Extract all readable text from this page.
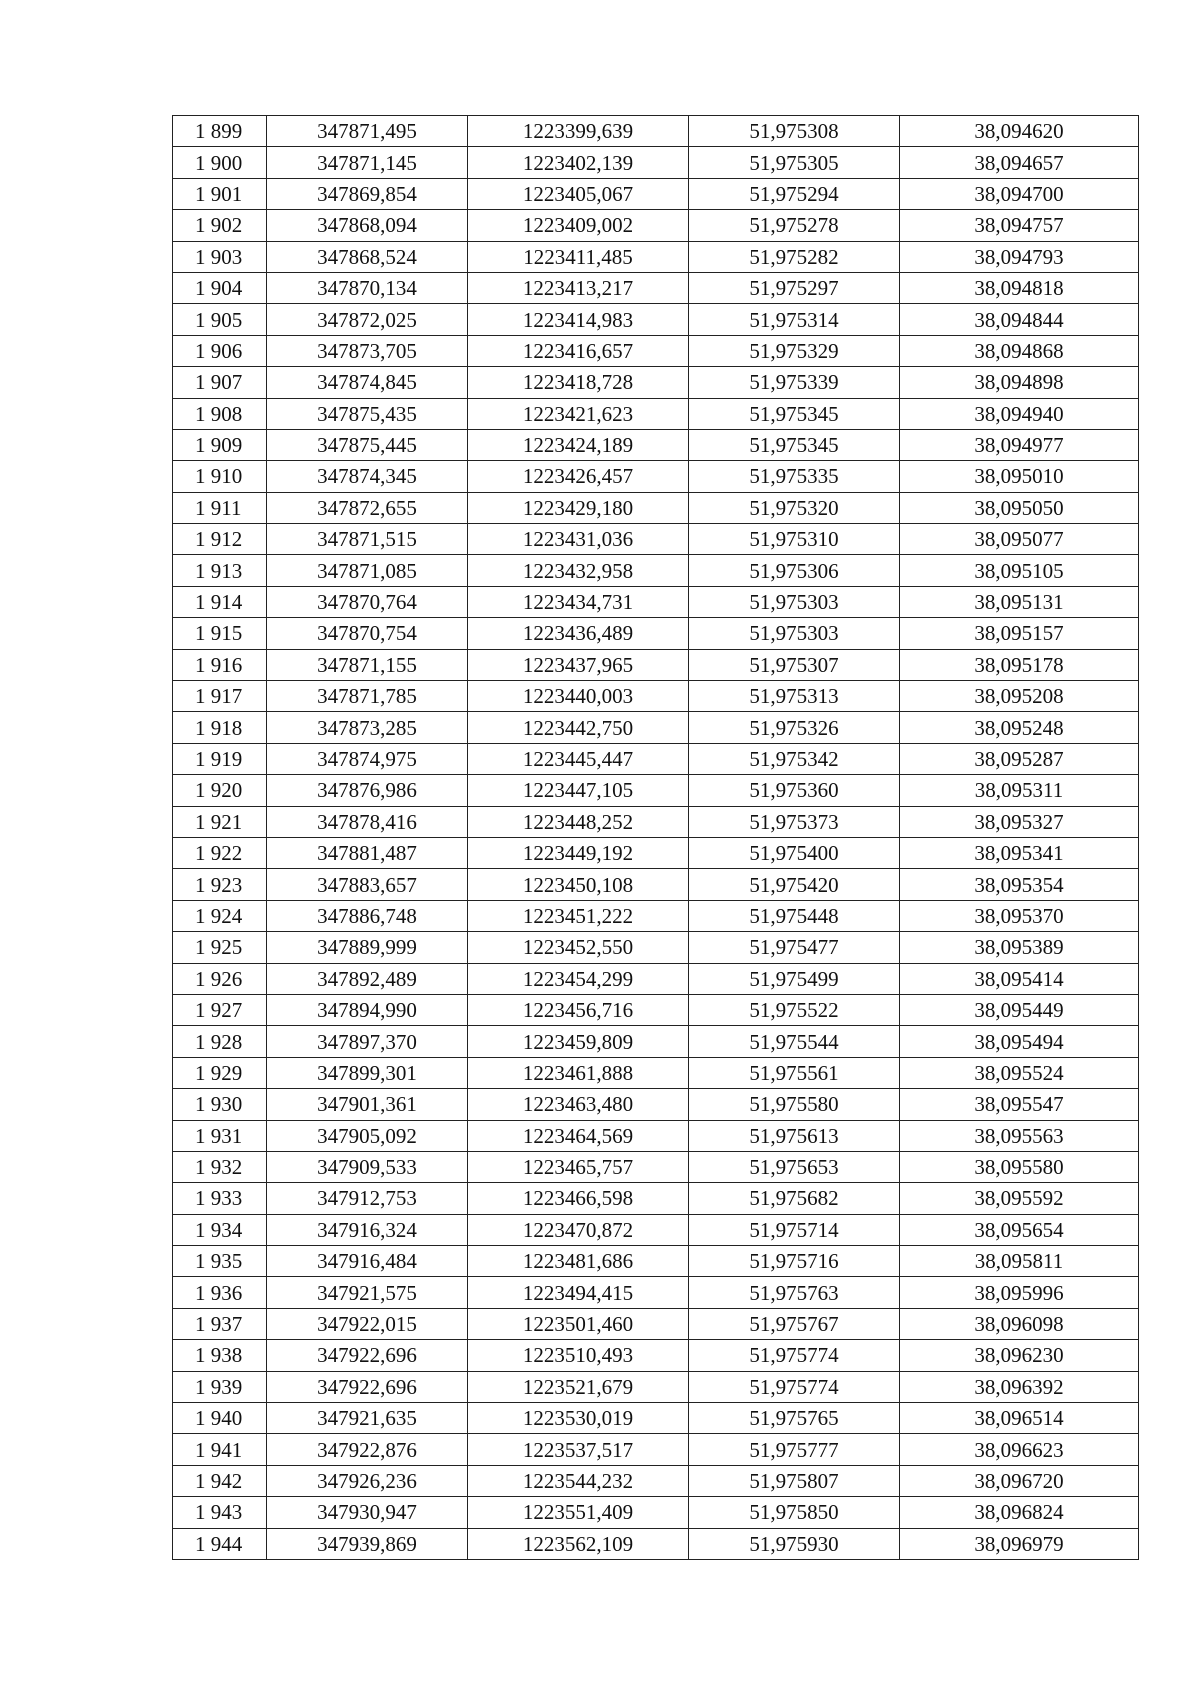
1 899	347871,495	1223399,639	51,975308	38,094620
1 900	347871,145	1223402,139	51,975305	38,094657
1 901	347869,854	1223405,067	51,975294	38,094700
1 902	347868,094	1223409,002	51,975278	38,094757
1 903	347868,524	1223411,485	51,975282	38,094793
1 904	347870,134	1223413,217	51,975297	38,094818
1 905	347872,025	1223414,983	51,975314	38,094844
1 906	347873,705	1223416,657	51,975329	38,094868
1 907	347874,845	1223418,728	51,975339	38,094898
1 908	347875,435	1223421,623	51,975345	38,094940
1 909	347875,445	1223424,189	51,975345	38,094977
1 910	347874,345	1223426,457	51,975335	38,095010
1 911	347872,655	1223429,180	51,975320	38,095050
1 912	347871,515	1223431,036	51,975310	38,095077
1 913	347871,085	1223432,958	51,975306	38,095105
1 914	347870,764	1223434,731	51,975303	38,095131
1 915	347870,754	1223436,489	51,975303	38,095157
1 916	347871,155	1223437,965	51,975307	38,095178
1 917	347871,785	1223440,003	51,975313	38,095208
1 918	347873,285	1223442,750	51,975326	38,095248
1 919	347874,975	1223445,447	51,975342	38,095287
1 920	347876,986	1223447,105	51,975360	38,095311
1 921	347878,416	1223448,252	51,975373	38,095327
1 922	347881,487	1223449,192	51,975400	38,095341
1 923	347883,657	1223450,108	51,975420	38,095354
1 924	347886,748	1223451,222	51,975448	38,095370
1 925	347889,999	1223452,550	51,975477	38,095389
1 926	347892,489	1223454,299	51,975499	38,095414
1 927	347894,990	1223456,716	51,975522	38,095449
1 928	347897,370	1223459,809	51,975544	38,095494
1 929	347899,301	1223461,888	51,975561	38,095524
1 930	347901,361	1223463,480	51,975580	38,095547
1 931	347905,092	1223464,569	51,975613	38,095563
1 932	347909,533	1223465,757	51,975653	38,095580
1 933	347912,753	1223466,598	51,975682	38,095592
1 934	347916,324	1223470,872	51,975714	38,095654
1 935	347916,484	1223481,686	51,975716	38,095811
1 936	347921,575	1223494,415	51,975763	38,095996
1 937	347922,015	1223501,460	51,975767	38,096098
1 938	347922,696	1223510,493	51,975774	38,096230
1 939	347922,696	1223521,679	51,975774	38,096392
1 940	347921,635	1223530,019	51,975765	38,096514
1 941	347922,876	1223537,517	51,975777	38,096623
1 942	347926,236	1223544,232	51,975807	38,096720
1 943	347930,947	1223551,409	51,975850	38,096824
1 944	347939,869	1223562,109	51,975930	38,096979
